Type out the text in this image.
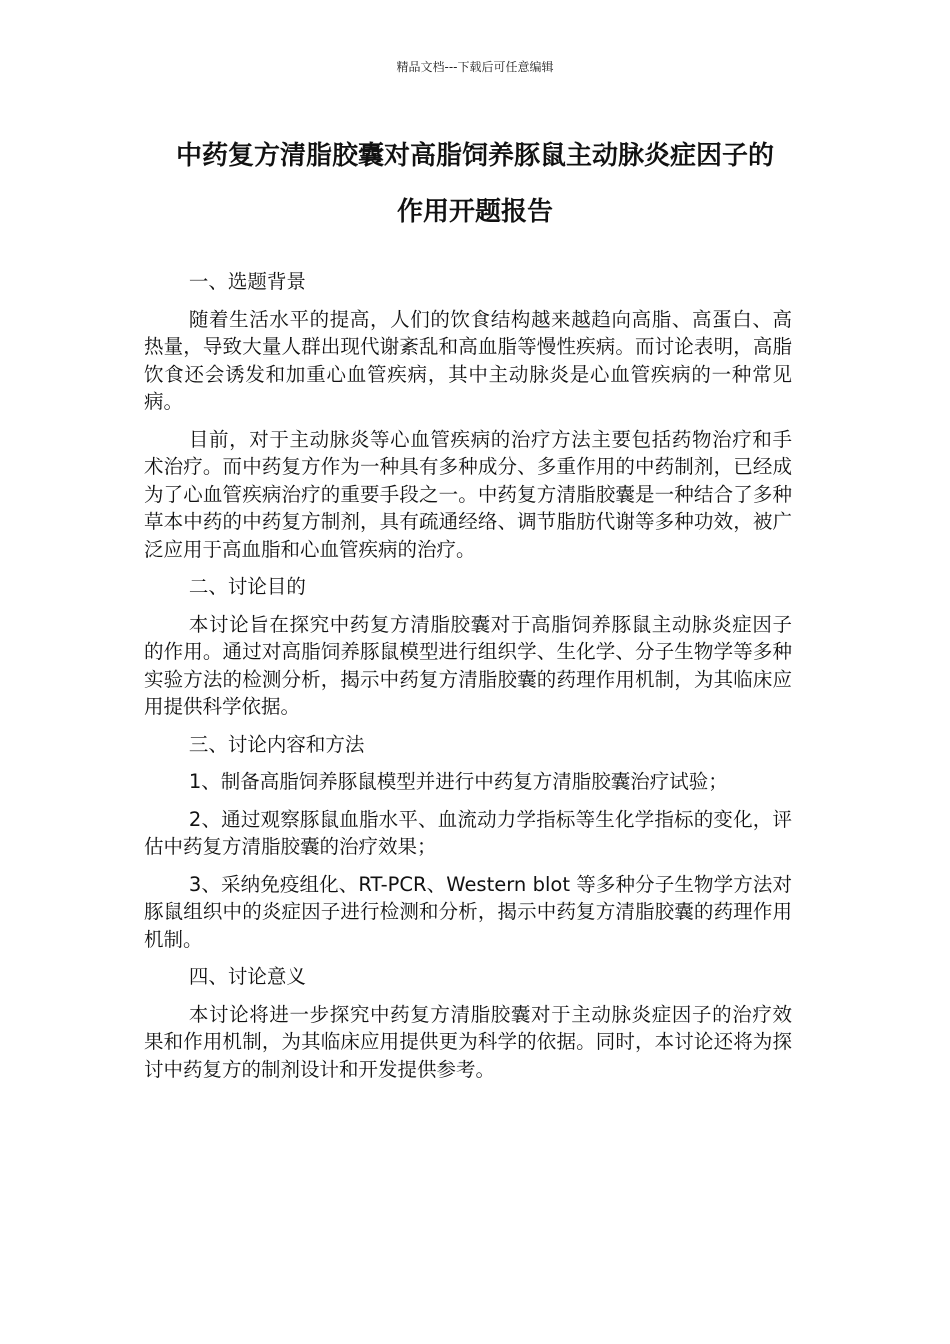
精品文档---下载后可任意编辑
中药复方清脂胶囊对高脂饲养豚鼠主动脉炎症因子的
作用开题报告

一、选题背景

随着生活水平的提高，人们的饮食结构越来越趋向高脂、高蛋白、高热量，导致大量人群出现代谢紊乱和高血脂等慢性疾病。而讨论表明，高脂饮食还会诱发和加重心血管疾病，其中主动脉炎是心血管疾病的一种常见病。

目前，对于主动脉炎等心血管疾病的治疗方法主要包括药物治疗和手术治疗。而中药复方作为一种具有多种成分、多重作用的中药制剂，已经成为了心血管疾病治疗的重要手段之一。中药复方清脂胶囊是一种结合了多种草本中药的中药复方制剂，具有疏通经络、调节脂肪代谢等多种功效，被广泛应用于高血脂和心血管疾病的治疗。

二、讨论目的

本讨论旨在探究中药复方清脂胶囊对于高脂饲养豚鼠主动脉炎症因子的作用。通过对高脂饲养豚鼠模型进行组织学、生化学、分子生物学等多种实验方法的检测分析，揭示中药复方清脂胶囊的药理作用机制，为其临床应用提供科学依据。

三、讨论内容和方法

1、制备高脂饲养豚鼠模型并进行中药复方清脂胶囊治疗试验；

2、通过观察豚鼠血脂水平、血流动力学指标等生化学指标的变化，评估中药复方清脂胶囊的治疗效果；

3、采纳免疫组化、RT-PCR、Western blot 等多种分子生物学方法对豚鼠组织中的炎症因子进行检测和分析，揭示中药复方清脂胶囊的药理作用机制。

四、讨论意义

本讨论将进一步探究中药复方清脂胶囊对于主动脉炎症因子的治疗效果和作用机制，为其临床应用提供更为科学的依据。同时，本讨论还将为探讨中药复方的制剂设计和开发提供参考。
